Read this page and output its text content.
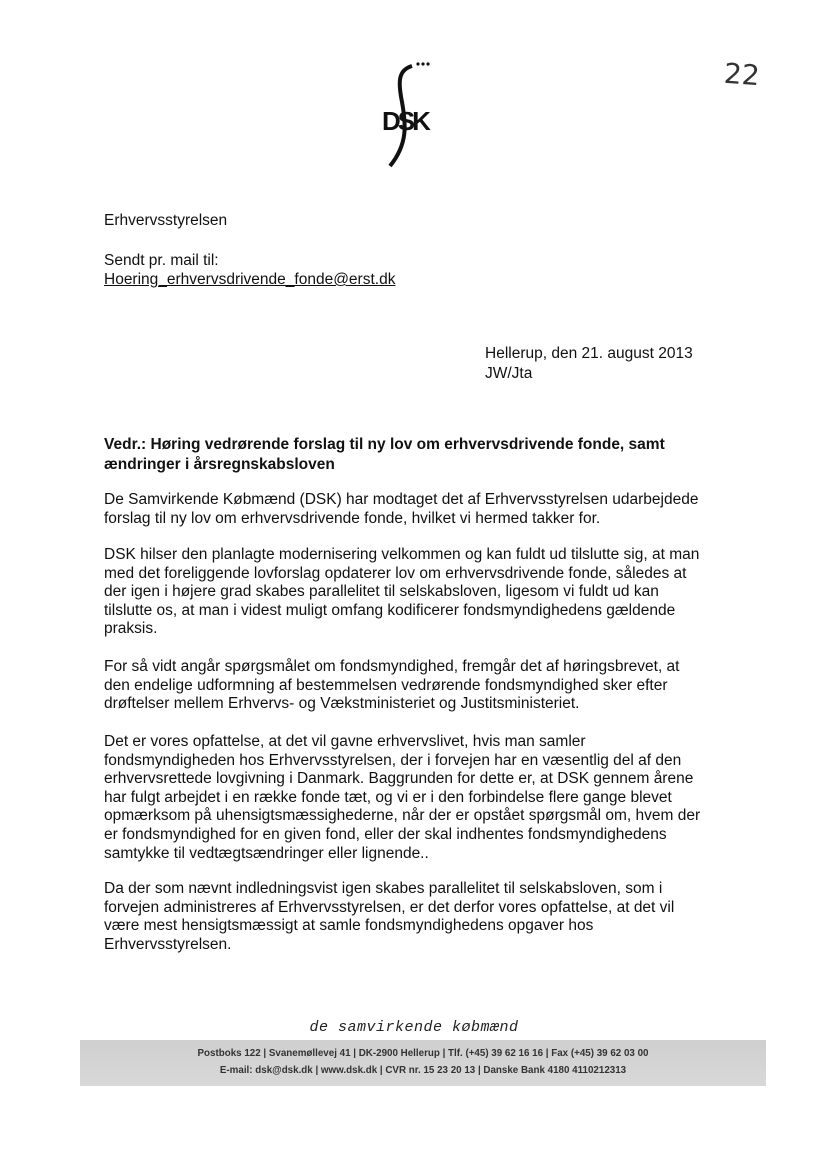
DSK
22
Erhvervsstyrelsen
Sendt pr. mail til:
Hoering_erhvervsdrivende_fonde@erst.dk
Hellerup, den 21. august 2013
JW/Jta
Vedr.: Høring vedrørende forslag til ny lov om erhvervsdrivende fonde, samt ændringer i årsregnskabsloven
De Samvirkende Købmænd (DSK) har modtaget det af Erhvervsstyrelsen udarbejdede forslag til ny lov om erhvervsdrivende fonde, hvilket vi hermed takker for.
DSK hilser den planlagte modernisering velkommen og kan fuldt ud tilslutte sig, at man med det foreliggende lovforslag opdaterer lov om erhvervsdrivende fonde, således at der igen i højere grad skabes parallelitet til selskabsloven, ligesom vi fuldt ud kan tilslutte os, at man i videst muligt omfang kodificerer fondsmyndighedens gældende praksis.
For så vidt angår spørgsmålet om fondsmyndighed, fremgår det af høringsbrevet, at den endelige udformning af bestemmelsen vedrørende fondsmyndighed sker efter drøftelser mellem Erhvervs- og Vækstministeriet og Justitsministeriet.
Det er vores opfattelse, at det vil gavne erhvervslivet, hvis man samler fondsmyndigheden hos Erhvervsstyrelsen, der i forvejen har en væsentlig del af den erhvervsrettede lovgivning i Danmark. Baggrunden for dette er, at DSK gennem årene har fulgt arbejdet i en række fonde tæt, og vi er i den forbindelse flere gange blevet opmærksom på uhensigtsmæssighederne, når der er opstået spørgsmål om, hvem der er fondsmyndighed for en given fond, eller der skal indhentes fondsmyndighedens samtykke til vedtægtsændringer eller lignende..
Da der som nævnt indledningsvist igen skabes parallelitet til selskabsloven, som i forvejen administreres af Erhvervsstyrelsen, er det derfor vores opfattelse, at det vil være mest hensigtsmæssigt at samle fondsmyndighedens opgaver hos Erhvervsstyrelsen.
de samvirkende købmænd
Postboks 122 | Svanemøllevej 41 | DK-2900 Hellerup | Tlf. (+45) 39 62 16 16 | Fax (+45) 39 62 03 00
E-mail: dsk@dsk.dk | www.dsk.dk | CVR nr. 15 23 20 13 | Danske Bank 4180 4110212313
